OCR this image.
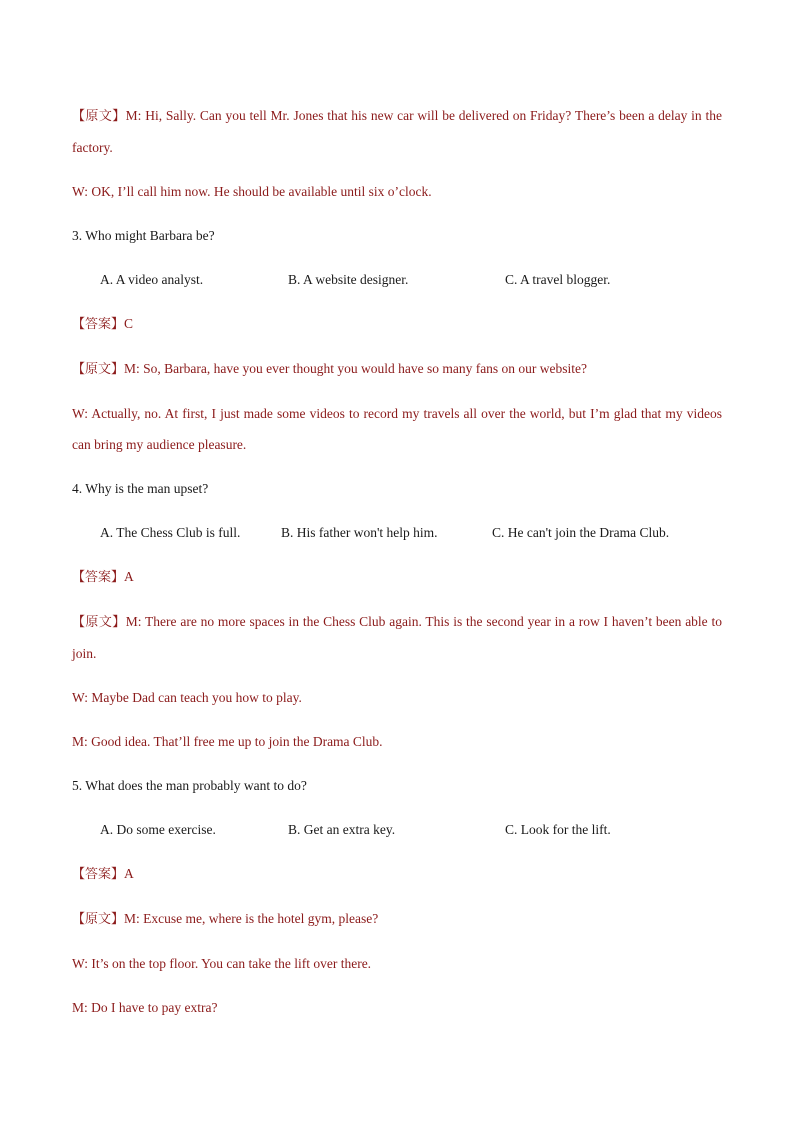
【原文】M: Hi, Sally. Can you tell Mr. Jones that his new car will be delivered on Friday? There’s been a delay in the factory.

W: OK, I’ll call him now. He should be available until six o’clock.

3. Who might Barbara be?

A. A video analyst.	B. A website designer.	C. A travel blogger.

【答案】C

【原文】M: So, Barbara, have you ever thought you would have so many fans on our website?

W: Actually, no. At first, I just made some videos to record my travels all over the world, but I’m glad that my videos can bring my audience pleasure.

4. Why is the man upset?

A. The Chess Club is full.	B. His father won't help him.	C. He can't join the Drama Club.

【答案】A

【原文】M: There are no more spaces in the Chess Club again. This is the second year in a row I haven’t been able to join.

W: Maybe Dad can teach you how to play.

M: Good idea. That’ll free me up to join the Drama Club.

5. What does the man probably want to do?

A. Do some exercise.	B. Get an extra key.	C. Look for the lift.

【答案】A

【原文】M: Excuse me, where is the hotel gym, please?

W: It’s on the top floor. You can take the lift over there.

M: Do I have to pay extra?
